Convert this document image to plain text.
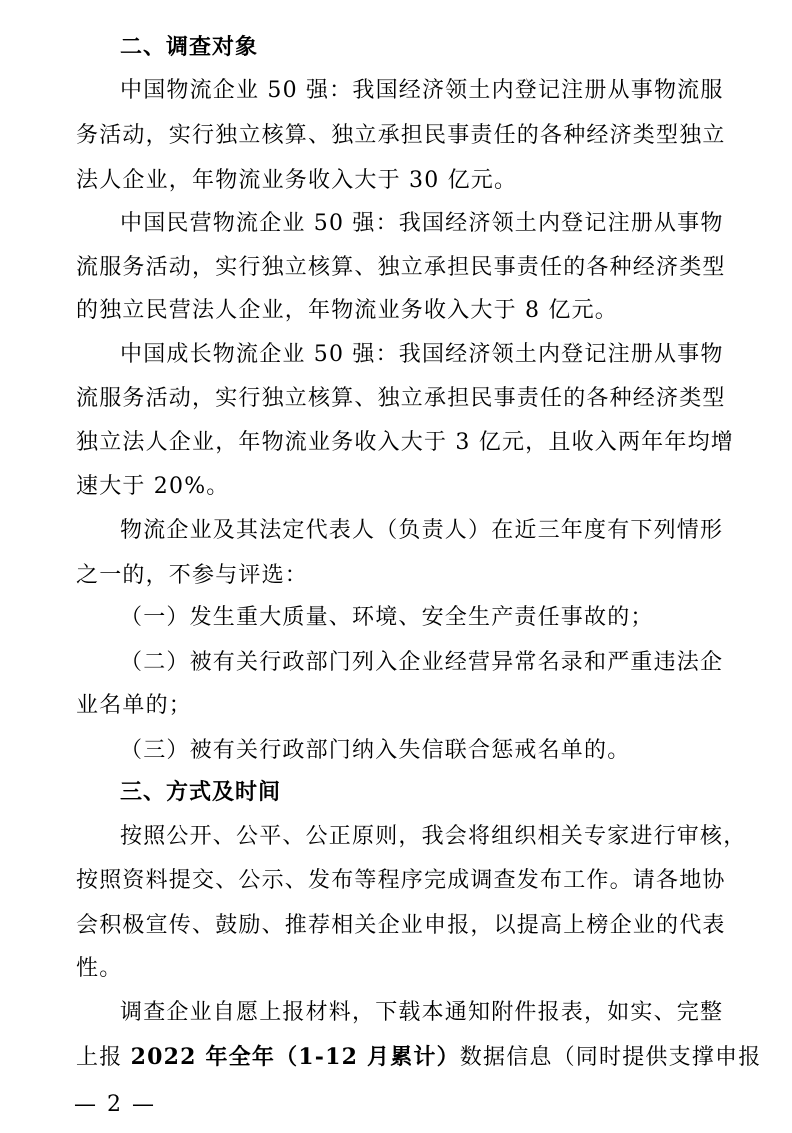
二、调查对象
中国物流企业 50 强：我国经济领土内登记注册从事物流服
务活动，实行独立核算、独立承担民事责任的各种经济类型独立
法人企业，年物流业务收入大于 30 亿元。
中国民营物流企业 50 强：我国经济领土内登记注册从事物
流服务活动，实行独立核算、独立承担民事责任的各种经济类型
的独立民营法人企业，年物流业务收入大于 8 亿元。
中国成长物流企业 50 强：我国经济领土内登记注册从事物
流服务活动，实行独立核算、独立承担民事责任的各种经济类型
独立法人企业，年物流业务收入大于 3 亿元，且收入两年年均增
速大于 20%。
物流企业及其法定代表人（负责人）在近三年度有下列情形
之一的，不参与评选：
（一）发生重大质量、环境、安全生产责任事故的；
（二）被有关行政部门列入企业经营异常名录和严重违法企
业名单的；
（三）被有关行政部门纳入失信联合惩戒名单的。
三、方式及时间
按照公开、公平、公正原则，我会将组织相关专家进行审核，
按照资料提交、公示、发布等程序完成调查发布工作。请各地协
会积极宣传、鼓励、推荐相关企业申报，以提高上榜企业的代表
性。
调查企业自愿上报材料，下载本通知附件报表，如实、完整
上报 2022 年全年（1-12 月累计）数据信息（同时提供支撑申报
— 2 —
